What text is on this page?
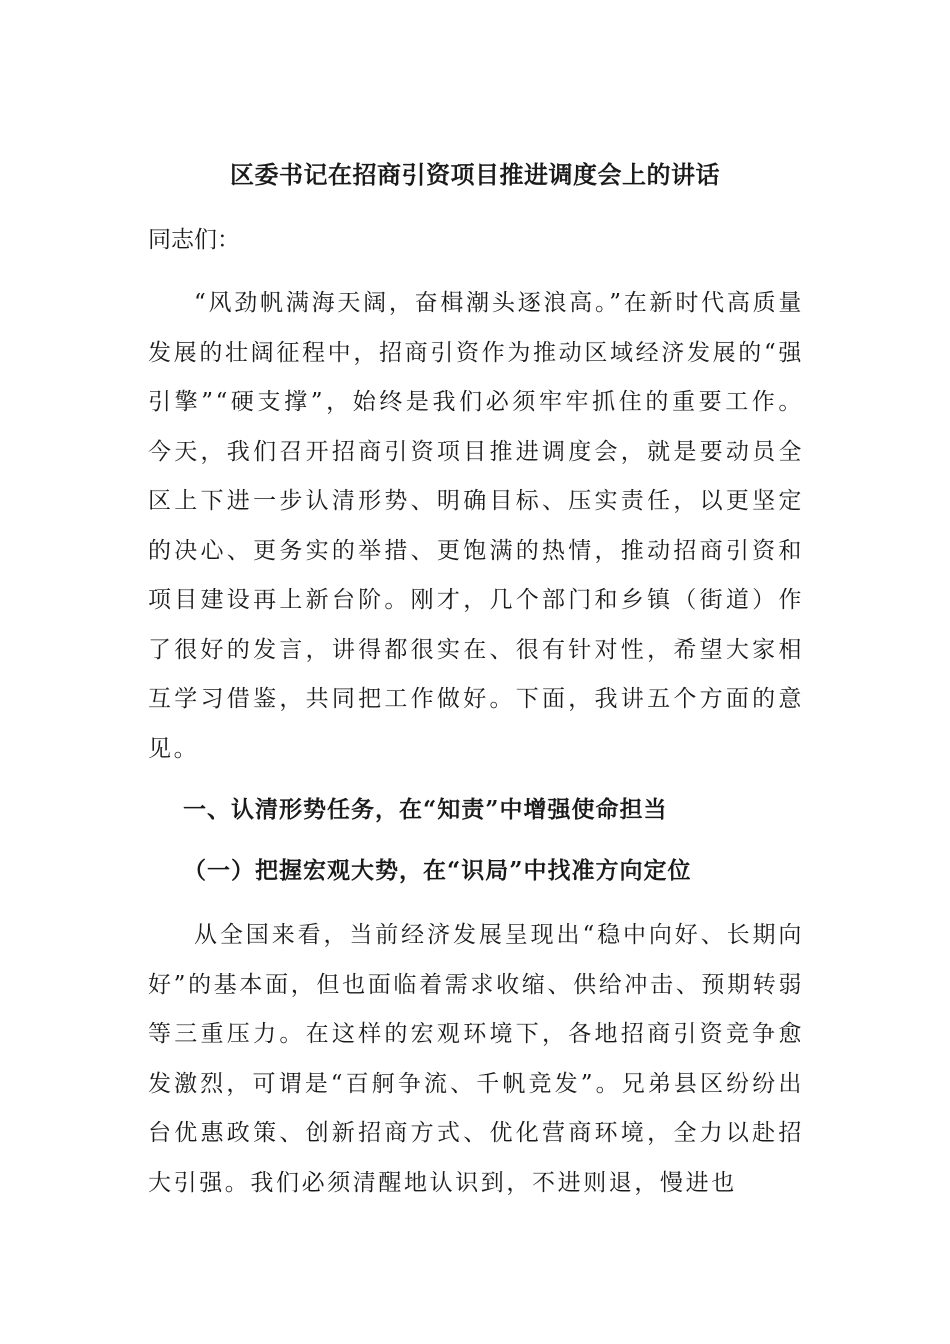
区委书记在招商引资项目推进调度会上的讲话
同志们：

“风劲帆满海天阔，奋楫潮头逐浪高。”在新时代高质量发展的壮阔征程中，招商引资作为推动区域经济发展的“强引擎”“硬支撑”，始终是我们必须牢牢抓住的重要工作。今天，我们召开招商引资项目推进调度会，就是要动员全区上下进一步认清形势、明确目标、压实责任，以更坚定的决心、更务实的举措、更饱满的热情，推动招商引资和项目建设再上新台阶。刚才，几个部门和乡镇（街道）作了很好的发言，讲得都很实在、很有针对性，希望大家相互学习借鉴，共同把工作做好。下面，我讲五个方面的意见。

一、认清形势任务，在“知责”中增强使命担当
（一）把握宏观大势，在“识局”中找准方向定位

从全国来看，当前经济发展呈现出“稳中向好、长期向好”的基本面，但也面临着需求收缩、供给冲击、预期转弱等三重压力。在这样的宏观环境下，各地招商引资竞争愈发激烈，可谓是“百舸争流、千帆竞发”。兄弟县区纷纷出台优惠政策、创新招商方式、优化营商环境，全力以赴招大引强。我们必须清醒地认识到，不进则退，慢进也
